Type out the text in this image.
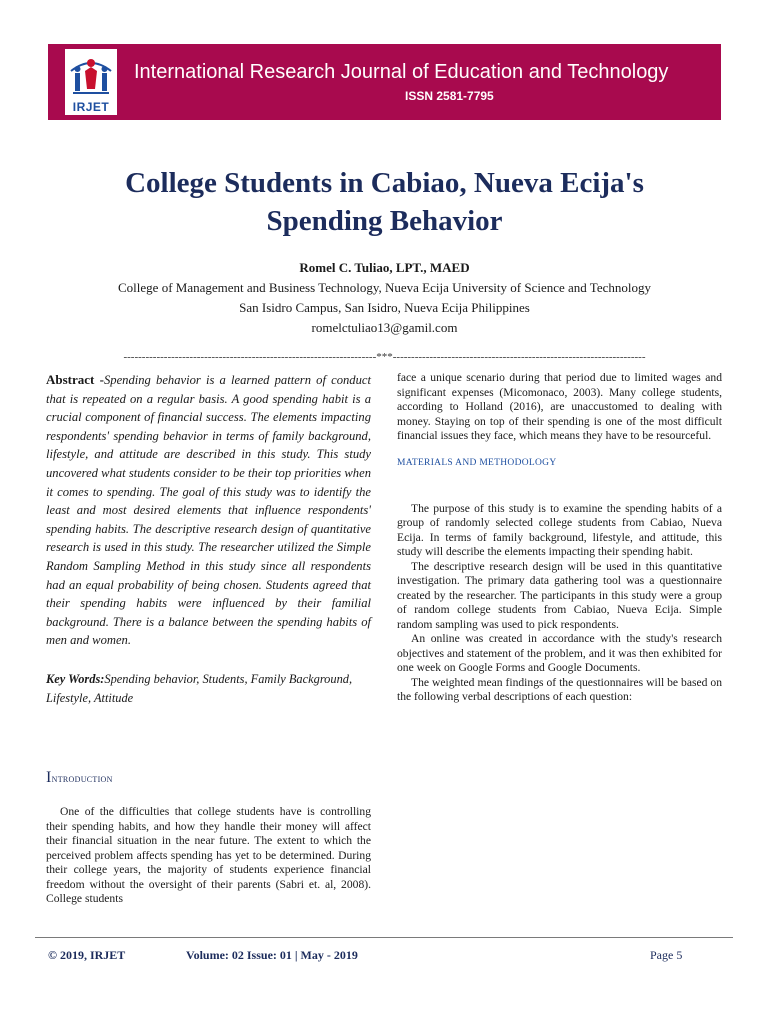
IRJET
International Research Journal of Education and Technology
ISSN 2581-7795
College Students in Cabiao, Nueva Ecija's
Spending Behavior
Romel C. Tuliao, LPT., MAED
College of Management and Business Technology, Nueva Ecija University of Science and Technology
San Isidro Campus, San Isidro, Nueva Ecija Philippines
romelctuliao13@gamil.com
---------------------------------------------------------------------***---------------------------------------------------------------------

Abstract -Spending behavior is a learned pattern of conduct that is repeated on a regular basis. A good spending habit is a crucial component of financial success. The elements impacting respondents' spending behavior in terms of family background, lifestyle, and attitude are described in this study. This study uncovered what students consider to be their top priorities when it comes to spending. The goal of this study was to identify the least and most desired elements that influence respondents' spending habits. The descriptive research design of quantitative research is used in this study. The researcher utilized the Simple Random Sampling Method in this study since all respondents had an equal probability of being chosen. Students agreed that their spending habits were influenced by their familial background. There is a balance between the spending habits of men and women.

Key Words:Spending behavior, Students, Family Background, Lifestyle, Attitude

Introduction

One of the difficulties that college students have is controlling their spending habits, and how they handle their money will affect their financial situation in the near future. The extent to which the perceived problem affects spending has yet to be determined. During their college years, the majority of students experience financial freedom without the oversight of their parents (Sabri et. al, 2008). College students

face a unique scenario during that period due to limited wages and significant expenses (Micomonaco, 2003). Many college students, according to Holland (2016), are unaccustomed to dealing with money. Staying on top of their spending is one of the most difficult financial issues they face, which means they have to be resourceful.

MATERIALS AND METHODOLOGY

The purpose of this study is to examine the spending habits of a group of randomly selected college students from Cabiao, Nueva Ecija. In terms of family background, lifestyle, and attitude, this study will describe the elements impacting their spending habit.

The descriptive research design will be used in this quantitative investigation. The primary data gathering tool was a questionnaire created by the researcher. The participants in this study were a group of random college students from Cabiao, Nueva Ecija. Simple random sampling was used to pick respondents.

An online was created in accordance with the study's research objectives and statement of the problem, and it was then exhibited for one week on Google Forms and Google Documents.

The weighted mean findings of the questionnaires will be based on the following verbal descriptions of each question:

© 2019, IRJET	Volume: 02 Issue: 01 | May - 2019	Page 5
